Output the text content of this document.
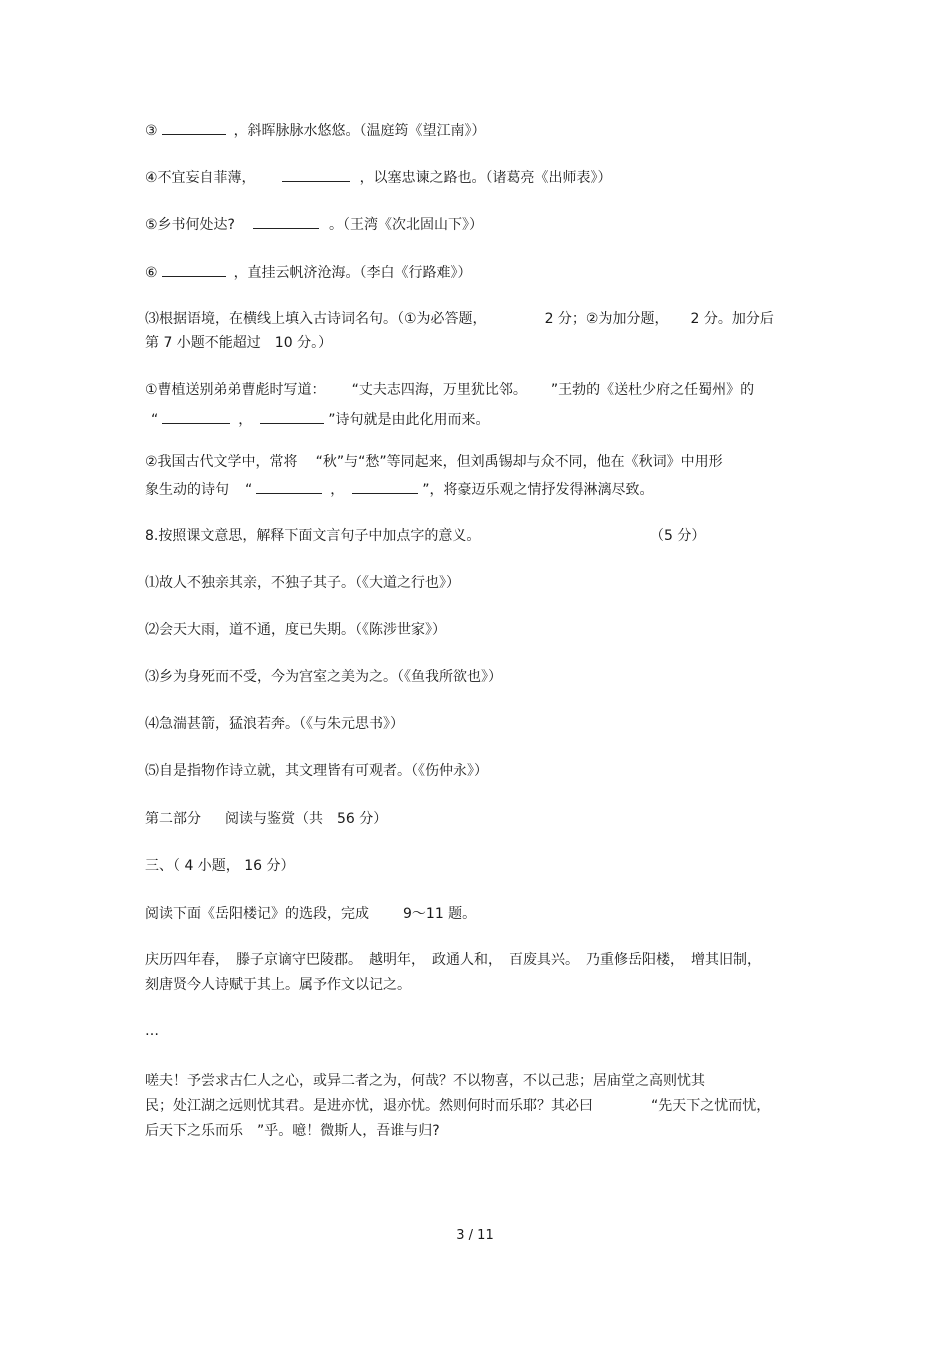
③	，斜晖脉脉水悠悠。（温庭筠《望江南》）
④不宜妄自菲薄，	，以塞忠谏之路也。（诸葛亮《出师表》）
⑤乡书何处达?	。（王湾《次北固山下》）
⑥	，直挂云帆济沧海。（李白《行路难》）
⑶根据语境，在横线上填入古诗词名句。（①为必答题，	2 分；②为加分题， 2 分。加分后
第 7 小题不能超过　10 分。）
①曹植送别弟弟曹彪时写道： “丈夫志四海，万里犹比邻。 ”王勃的《送杜少府之任蜀州》的
“	，	”诗句就是由此化用而来。
②我国古代文学中，常将 “秋”与“愁”等同起来，但刘禹锡却与众不同，他在《秋词》中用形
象生动的诗句 “	，	”，将豪迈乐观之情抒发得淋漓尽致。
8.按照课文意思，解释下面文言句子中加点字的意义。	（5 分）
⑴故人不独亲其亲，不独子其子。（《大道之行也》）
⑵会天大雨，道不通，度已失期。（《陈涉世家》）
⑶乡为身死而不受，今为宫室之美为之。（《鱼我所欲也》）
⑷急湍甚箭，猛浪若奔。（《与朱元思书》）
⑸自是指物作诗立就，其文理皆有可观者。（《伤仲永》）
第二部分 阅读与鉴赏（共　56 分）
三、（ 4 小题， 16 分）
阅读下面《岳阳楼记》的选段，完成 9～11 题。
庆历四年春，　滕子京谪守巴陵郡。　越明年，　政通人和，　百废具兴。　乃重修岳阳楼，　增其旧制，
刻唐贤今人诗赋于其上。属予作文以记之。
…
嗟夫！予尝求古仁人之心，或异二者之为，何哉？不以物喜，不以己悲；居庙堂之高则忧其
民；处江湖之远则忧其君。是进亦忧，退亦忧。然则何时而乐耶？其必曰	“先天下之忧而忧，
后天下之乐而乐　”乎。噫！微斯人，吾谁与归?
3 / 11
